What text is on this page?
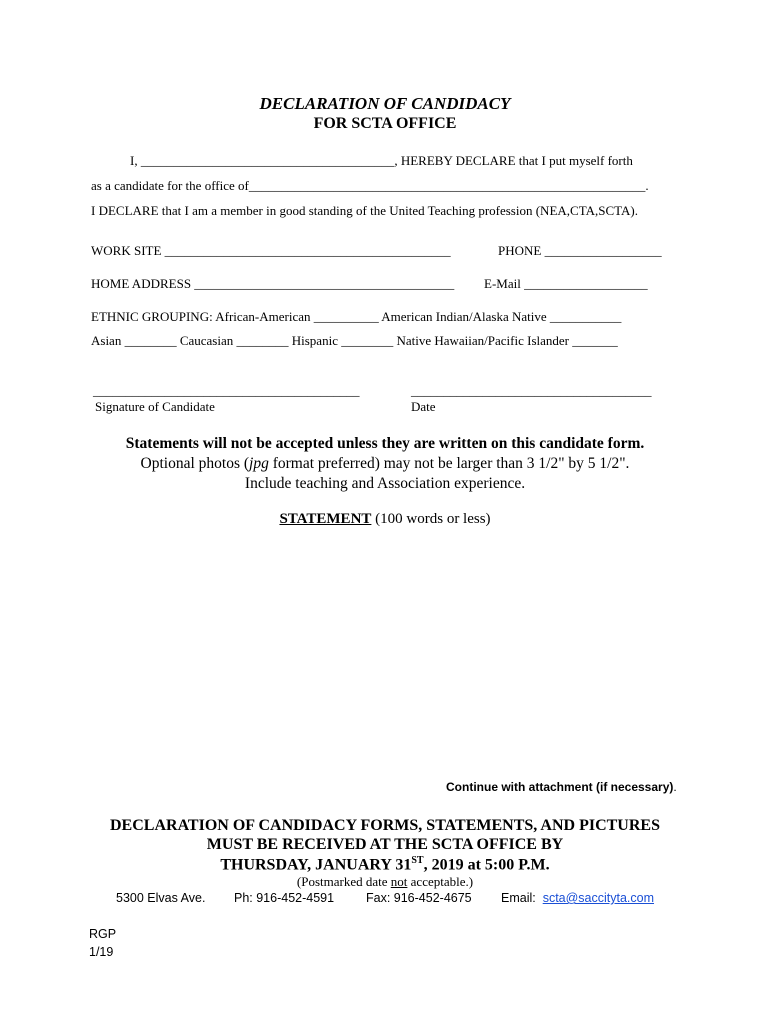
DECLARATION OF CANDIDACY
FOR SCTA OFFICE
I, _______________________________________, HEREBY DECLARE that I put myself forth
as a candidate for the office of_____________________________________________________________.
I DECLARE that I am a member in good standing of the United Teaching profession (NEA,CTA,SCTA).
WORK SITE ____________________________________________	PHONE __________________
HOME ADDRESS ________________________________________ E-Mail ___________________
ETHNIC GROUPING: African-American __________ American Indian/Alaska Native ___________
Asian ________ Caucasian ________ Hispanic ________ Native Hawaiian/Pacific Islander _______
_________________________________________
Signature of Candidate
_____________________________________
Date
Statements will not be accepted unless they are written on this candidate form.
Optional photos (jpg format preferred) may not be larger than 3 1/2" by 5 1/2".
Include teaching and Association experience.
STATEMENT (100 words or less)
Continue with attachment (if necessary).
DECLARATION OF CANDIDACY FORMS, STATEMENTS, AND PICTURES
MUST BE RECEIVED AT THE SCTA OFFICE BY
THURSDAY, JANUARY 31ST, 2019 at 5:00 P.M.
(Postmarked date not acceptable.)
5300 Elvas Ave. Ph: 916-452-4591	Fax: 916-452-4675 Email: scta@saccityta.com
RGP
1/19
